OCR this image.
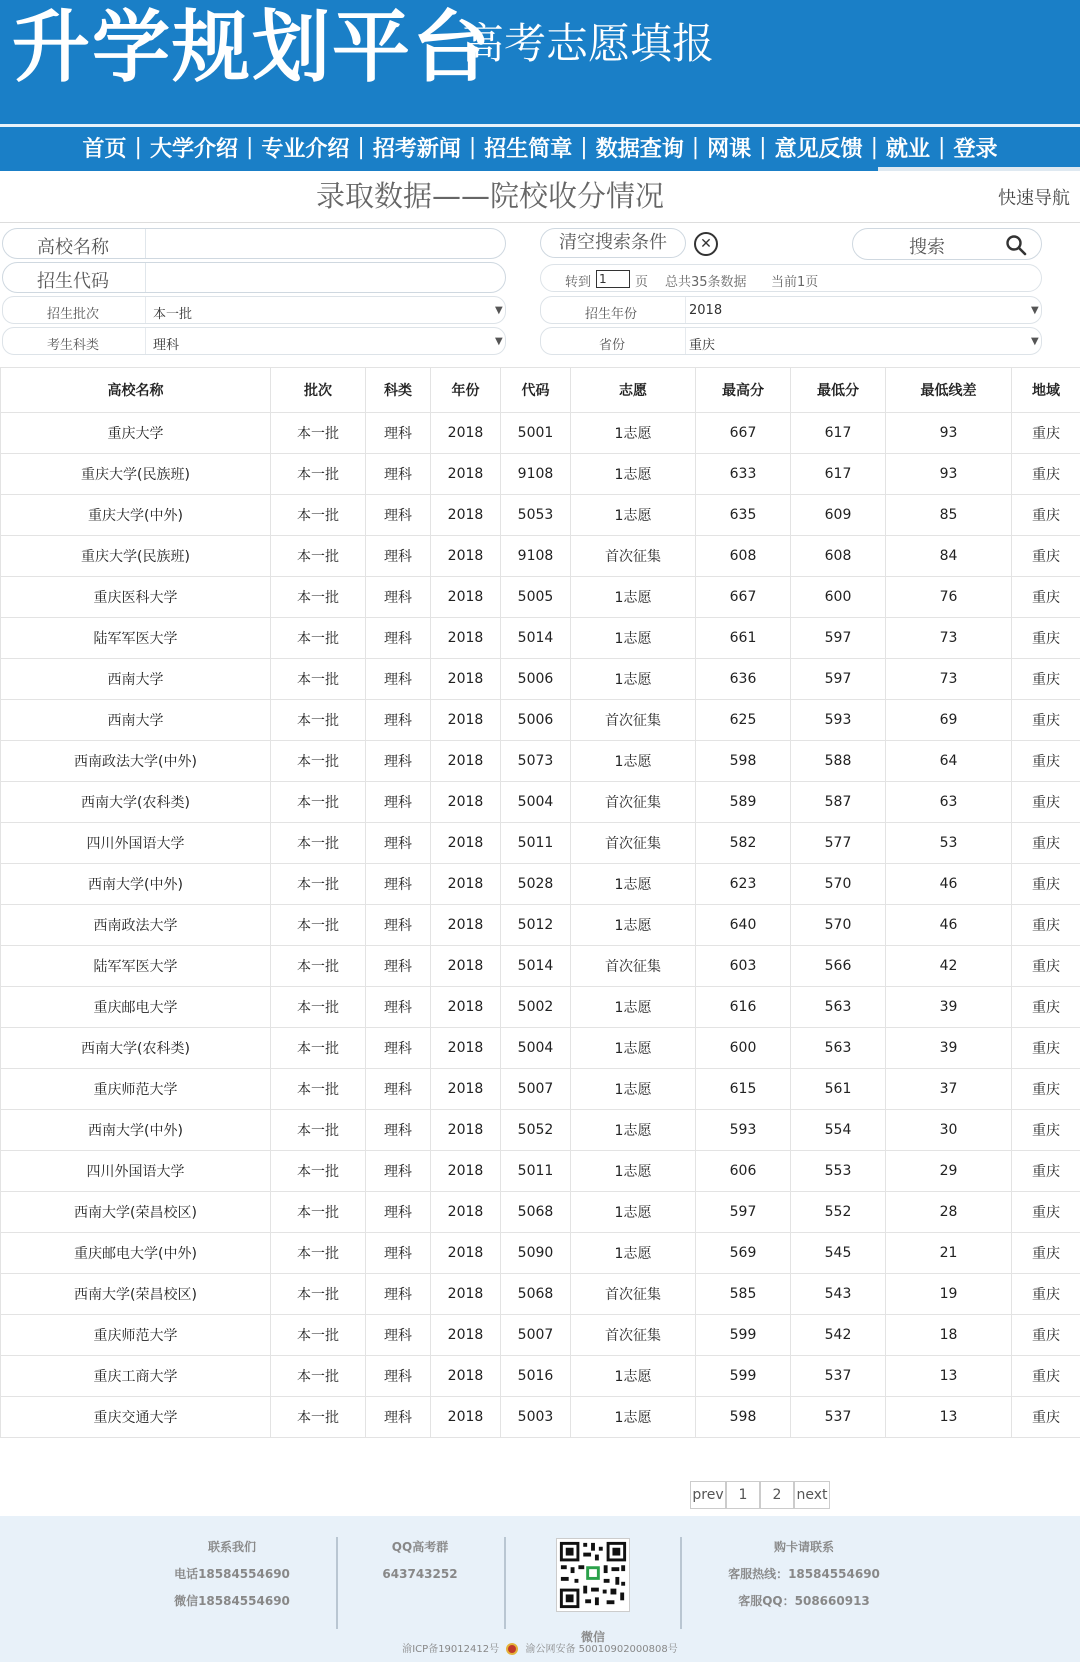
升学规划平台
高考志愿填报
首页 | 大学介绍 | 专业介绍 | 招考新闻 | 招生简章 | 数据查询 | 网课 | 意见反馈 | 就业 | 登录
录取数据——院校收分情况	快速导航
高校名称
招生代码
清空搜索条件	✕	搜索
转到
1	页 总共35条数据 当前1页
招生批次	本一批	▼
考生科类	理科	▼
招生年份	2018	▼
省份	重庆	▼
高校名称	批次	科类	年份	代码	志愿	最高分	最低分	最低线差	地域
重庆大学	本一批	理科	2018	5001	1志愿	667	617	93	重庆
重庆大学(民族班)	本一批	理科	2018	9108	1志愿	633	617	93	重庆
重庆大学(中外)	本一批	理科	2018	5053	1志愿	635	609	85	重庆
重庆大学(民族班)	本一批	理科	2018	9108	首次征集	608	608	84	重庆
重庆医科大学	本一批	理科	2018	5005	1志愿	667	600	76	重庆
陆军军医大学	本一批	理科	2018	5014	1志愿	661	597	73	重庆
西南大学	本一批	理科	2018	5006	1志愿	636	597	73	重庆
西南大学	本一批	理科	2018	5006	首次征集	625	593	69	重庆
西南政法大学(中外)	本一批	理科	2018	5073	1志愿	598	588	64	重庆
西南大学(农科类)	本一批	理科	2018	5004	首次征集	589	587	63	重庆
四川外国语大学	本一批	理科	2018	5011	首次征集	582	577	53	重庆
西南大学(中外)	本一批	理科	2018	5028	1志愿	623	570	46	重庆
西南政法大学	本一批	理科	2018	5012	1志愿	640	570	46	重庆
陆军军医大学	本一批	理科	2018	5014	首次征集	603	566	42	重庆
重庆邮电大学	本一批	理科	2018	5002	1志愿	616	563	39	重庆
西南大学(农科类)	本一批	理科	2018	5004	1志愿	600	563	39	重庆
重庆师范大学	本一批	理科	2018	5007	1志愿	615	561	37	重庆
西南大学(中外)	本一批	理科	2018	5052	1志愿	593	554	30	重庆
四川外国语大学	本一批	理科	2018	5011	1志愿	606	553	29	重庆
西南大学(荣昌校区)	本一批	理科	2018	5068	1志愿	597	552	28	重庆
重庆邮电大学(中外)	本一批	理科	2018	5090	1志愿	569	545	21	重庆
西南大学(荣昌校区)	本一批	理科	2018	5068	首次征集	585	543	19	重庆
重庆师范大学	本一批	理科	2018	5007	首次征集	599	542	18	重庆
重庆工商大学	本一批	理科	2018	5016	1志愿	599	537	13	重庆
重庆交通大学	本一批	理科	2018	5003	1志愿	598	537	13	重庆
prev	1	2	next
联系我们
电话18584554690
微信18584554690
QQ高考群
643743252
微信
购卡请联系
客服热线：18584554690
客服QQ：508660913
渝ICP备19012412号	渝公网安备 50010902000808号
